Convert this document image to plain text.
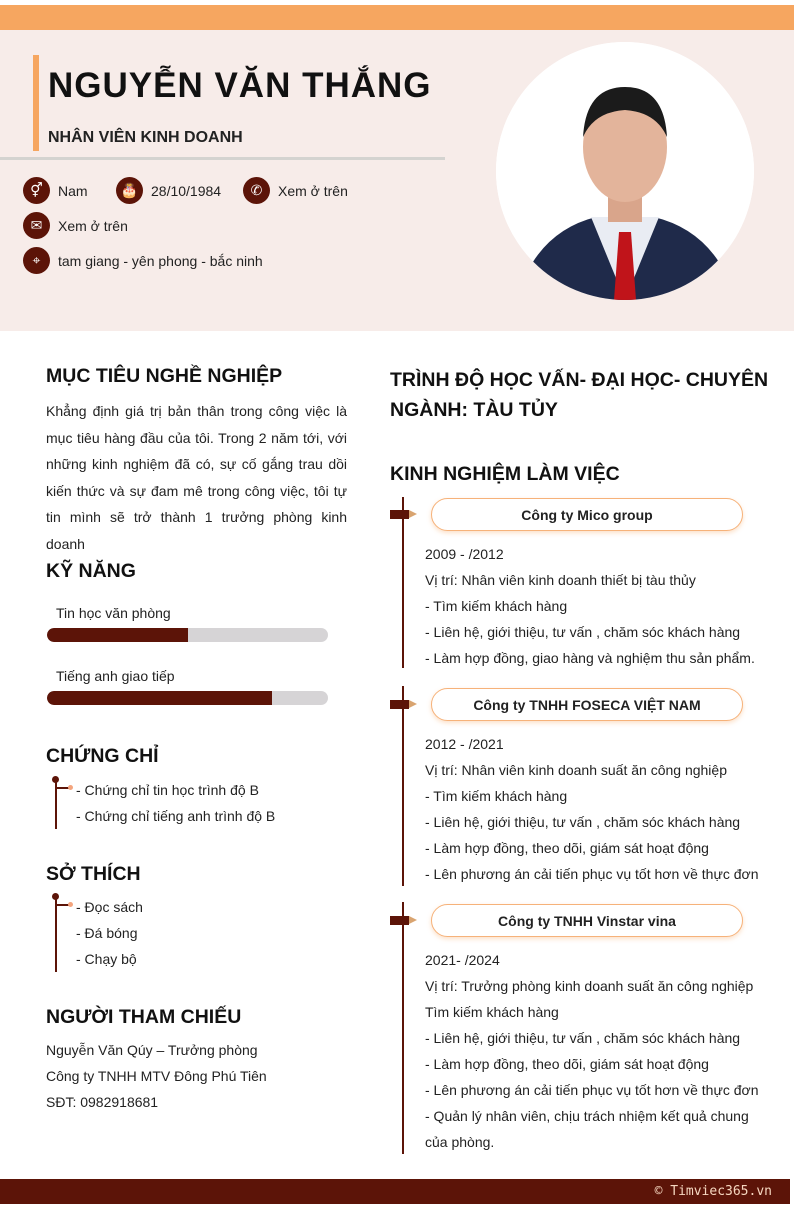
NGUYỄN VĂN THẮNG
NHÂN VIÊN KINH DOANH
⚥	Nam	🎂 28/10/1984	✆	Xem ở trên
✉	Xem ở trên
⌖	tam giang - yên phong - bắc ninh
MỤC TIÊU NGHỀ NGHIỆP
Khẳng định giá trị bản thân trong công việc là mục tiêu hàng đầu của tôi. Trong 2 năm tới, với những kinh nghiệm đã có, sự cố gắng trau dồi kiến thức và sự đam mê trong công việc, tôi tự tin mình sẽ trở thành 1 trưởng phòng kinh doanh
KỸ NĂNG
Tin học văn phòng
Tiếng anh giao tiếp
CHỨNG CHỈ
- Chứng chỉ tin học trình độ B
- Chứng chỉ tiếng anh trình độ B
SỞ THÍCH
- Đọc sách
- Đá bóng
- Chạy bộ
NGƯỜI THAM CHIẾU
Nguyễn Văn Qúy – Trưởng phòng
Công ty TNHH MTV Đông Phú Tiên
SĐT: 0982918681
TRÌNH ĐỘ HỌC VẤN- ĐẠI HỌC- CHUYÊN NGÀNH: TÀU TỦY
KINH NGHIỆM LÀM VIỆC
Công ty Mico group
2009 - /2012
Vị trí: Nhân viên kinh doanh thiết bị tàu thủy
- Tìm kiếm khách hàng
- Liên hệ, giới thiệu, tư vấn , chăm sóc khách hàng
- Làm hợp đồng, giao hàng và nghiệm thu sản phẩm.
Công ty TNHH FOSECA VIỆT NAM
2012 - /2021
Vị trí: Nhân viên kinh doanh suất ăn công nghiệp
- Tìm kiếm khách hàng
- Liên hệ, giới thiệu, tư vấn , chăm sóc khách hàng
- Làm hợp đồng, theo dõi, giám sát hoạt động
- Lên phương án cải tiến phục vụ tốt hơn về thực đơn
Công ty TNHH Vinstar vina
2021- /2024
Vị trí: Trưởng phòng kinh doanh suất ăn công nghiệp
Tìm kiếm khách hàng
- Liên hệ, giới thiệu, tư vấn , chăm sóc khách hàng
- Làm hợp đồng, theo dõi, giám sát hoạt động
- Lên phương án cải tiến phục vụ tốt hơn về thực đơn
- Quản lý nhân viên, chịu trách nhiệm kết quả chung của phòng.
© Timviec365.vn
